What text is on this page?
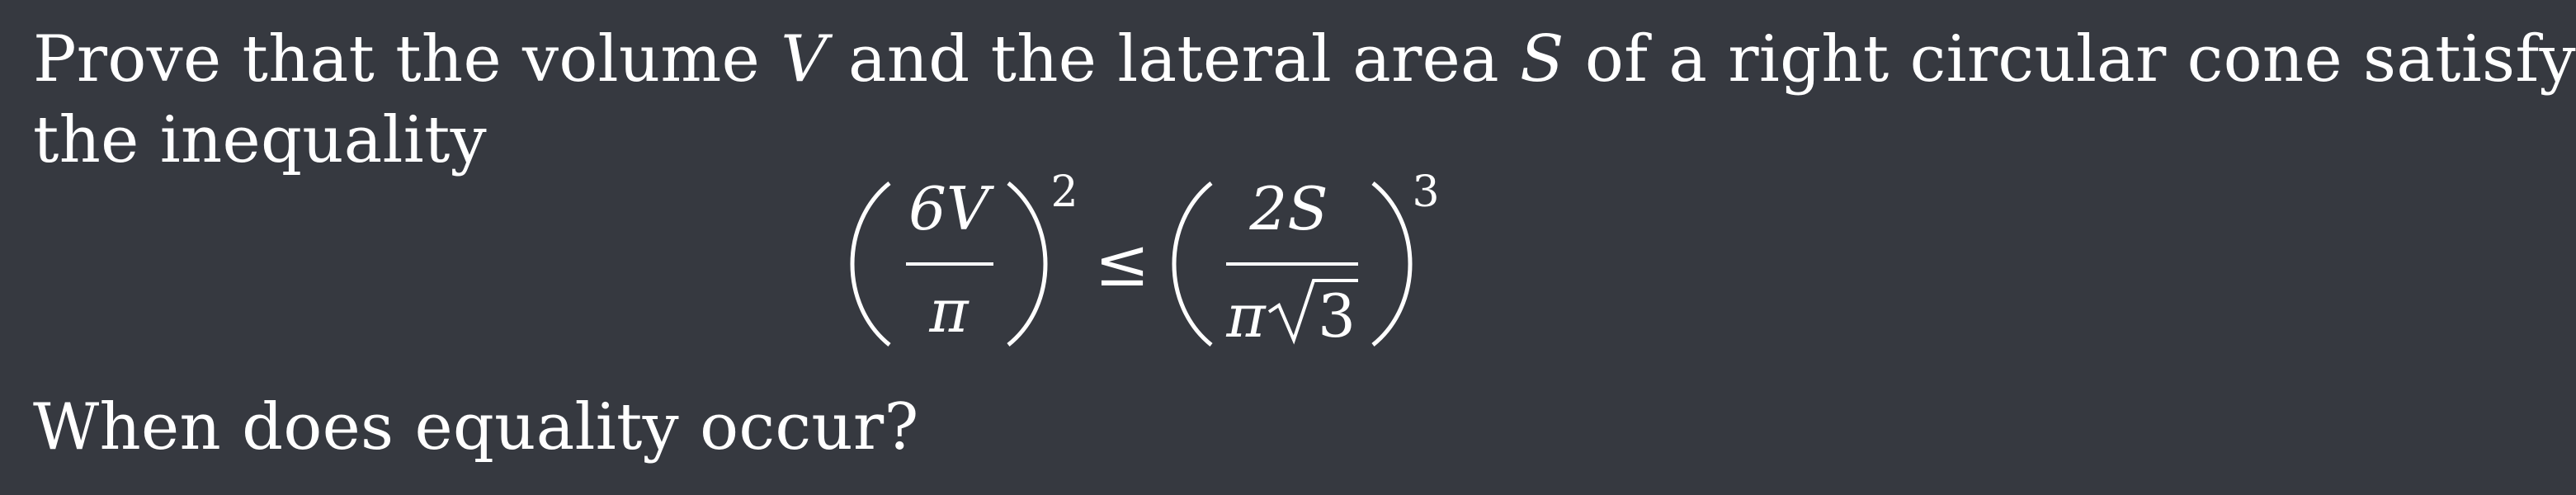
Prove that the volume V and the lateral area S of a right circular cone satisfy
the inequality
6V
π
2
≤
2S
π 3
3
When does equality occur?
